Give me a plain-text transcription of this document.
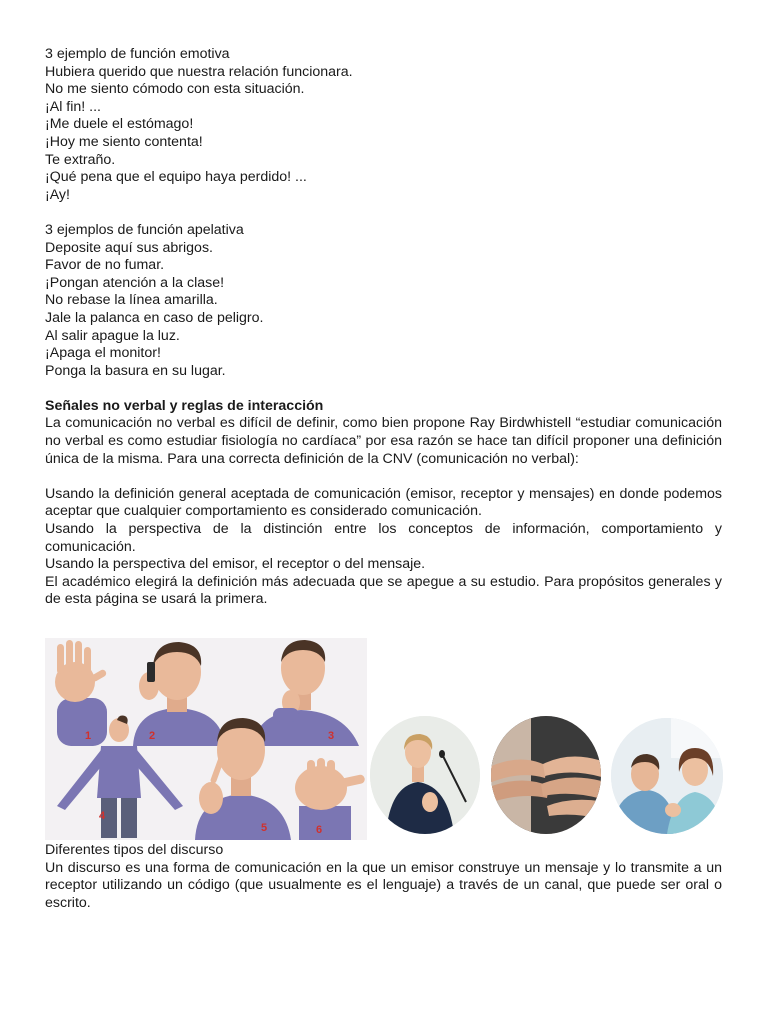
3 ejemplo de función emotiva
Hubiera querido que nuestra relación funcionara.
No me siento cómodo con esta situación.
¡Al fin! ...
¡Me duele el estómago!
¡Hoy me siento contenta!
Te extraño.
¡Qué pena que el equipo haya perdido! ...
¡Ay!
3 ejemplos de función apelativa
Deposite aquí sus abrigos.
Favor de no fumar.
¡Pongan atención a la clase!
No rebase la línea amarilla.
Jale la palanca en caso de peligro.
Al salir apague la luz.
¡Apaga el monitor!
Ponga la basura en su lugar.
Señales no verbal y reglas de interacción

La comunicación no verbal es difícil de definir, como bien propone Ray Birdwhistell “estudiar comunicación no verbal es como estudiar fisiología no cardíaca” por esa razón se hace tan difícil proponer una definición única de la misma. Para una correcta definición de la CNV (comunicación no verbal):

Usando la definición general aceptada de comunicación (emisor, receptor y mensajes) en donde podemos aceptar que cualquier comportamiento es considerado comunicación.

Usando la perspectiva de la distinción entre los conceptos de información, comportamiento y comunicación.

Usando la perspectiva del emisor, el receptor o del mensaje.

El académico elegirá la definición más adecuada que se apegue a su estudio. Para propósitos generales y de esta página se usará la primera.

1	2	3
4
5	6
Diferentes tipos del discurso

Un discurso es una forma de comunicación en la que un emisor construye un mensaje y lo transmite a un receptor utilizando un código (que usualmente es el lenguaje) a través de un canal, que puede ser oral o escrito.
